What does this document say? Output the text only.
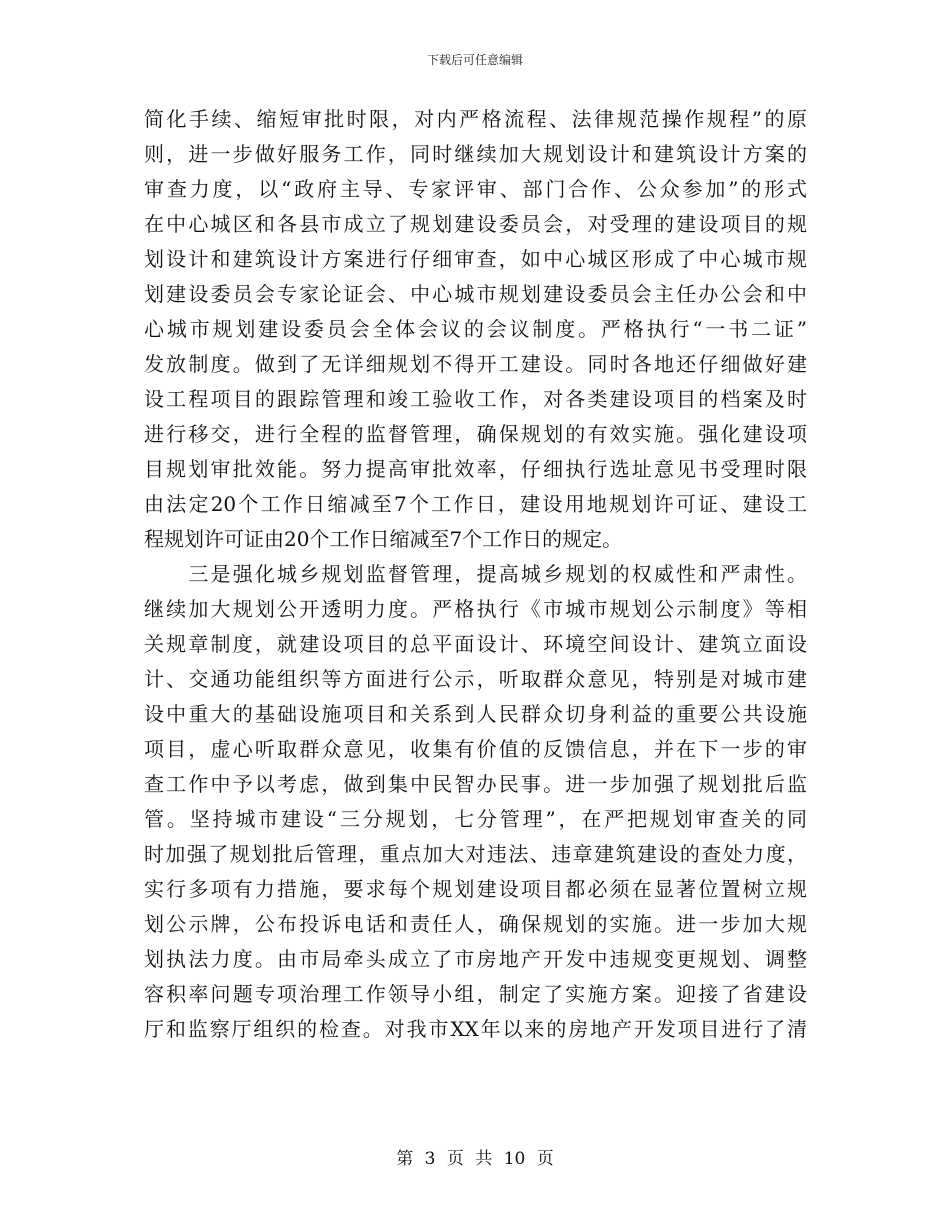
下载后可任意编辑
简化手续、缩短审批时限，对内严格流程、法律规范操作规程”的原
则，进一步做好服务工作，同时继续加大规划设计和建筑设计方案的
审查力度，以“政府主导、专家评审、部门合作、公众参加”的形式
在中心城区和各县市成立了规划建设委员会，对受理的建设项目的规
划设计和建筑设计方案进行仔细审查，如中心城区形成了中心城市规
划建设委员会专家论证会、中心城市规划建设委员会主任办公会和中
心城市规划建设委员会全体会议的会议制度。严格执行“一书二证”
发放制度。做到了无详细规划不得开工建设。同时各地还仔细做好建
设工程项目的跟踪管理和竣工验收工作，对各类建设项目的档案及时
进行移交，进行全程的监督管理，确保规划的有效实施。强化建设项
目规划审批效能。努力提高审批效率，仔细执行选址意见书受理时限
由法定20个工作日缩减至7个工作日，建设用地规划许可证、建设工
程规划许可证由20个工作日缩减至7个工作日的规定。
　　三是强化城乡规划监督管理，提高城乡规划的权威性和严肃性。
继续加大规划公开透明力度。严格执行《市城市规划公示制度》等相
关规章制度，就建设项目的总平面设计、环境空间设计、建筑立面设
计、交通功能组织等方面进行公示，听取群众意见，特别是对城市建
设中重大的基础设施项目和关系到人民群众切身利益的重要公共设施
项目，虚心听取群众意见，收集有价值的反馈信息，并在下一步的审
查工作中予以考虑，做到集中民智办民事。进一步加强了规划批后监
管。坚持城市建设“三分规划，七分管理”，在严把规划审查关的同
时加强了规划批后管理，重点加大对违法、违章建筑建设的查处力度，
实行多项有力措施，要求每个规划建设项目都必须在显著位置树立规
划公示牌，公布投诉电话和责任人，确保规划的实施。进一步加大规
划执法力度。由市局牵头成立了市房地产开发中违规变更规划、调整
容积率问题专项治理工作领导小组，制定了实施方案。迎接了省建设
厅和监察厅组织的检查。对我市XX年以来的房地产开发项目进行了清
第 3 页 共 10 页
